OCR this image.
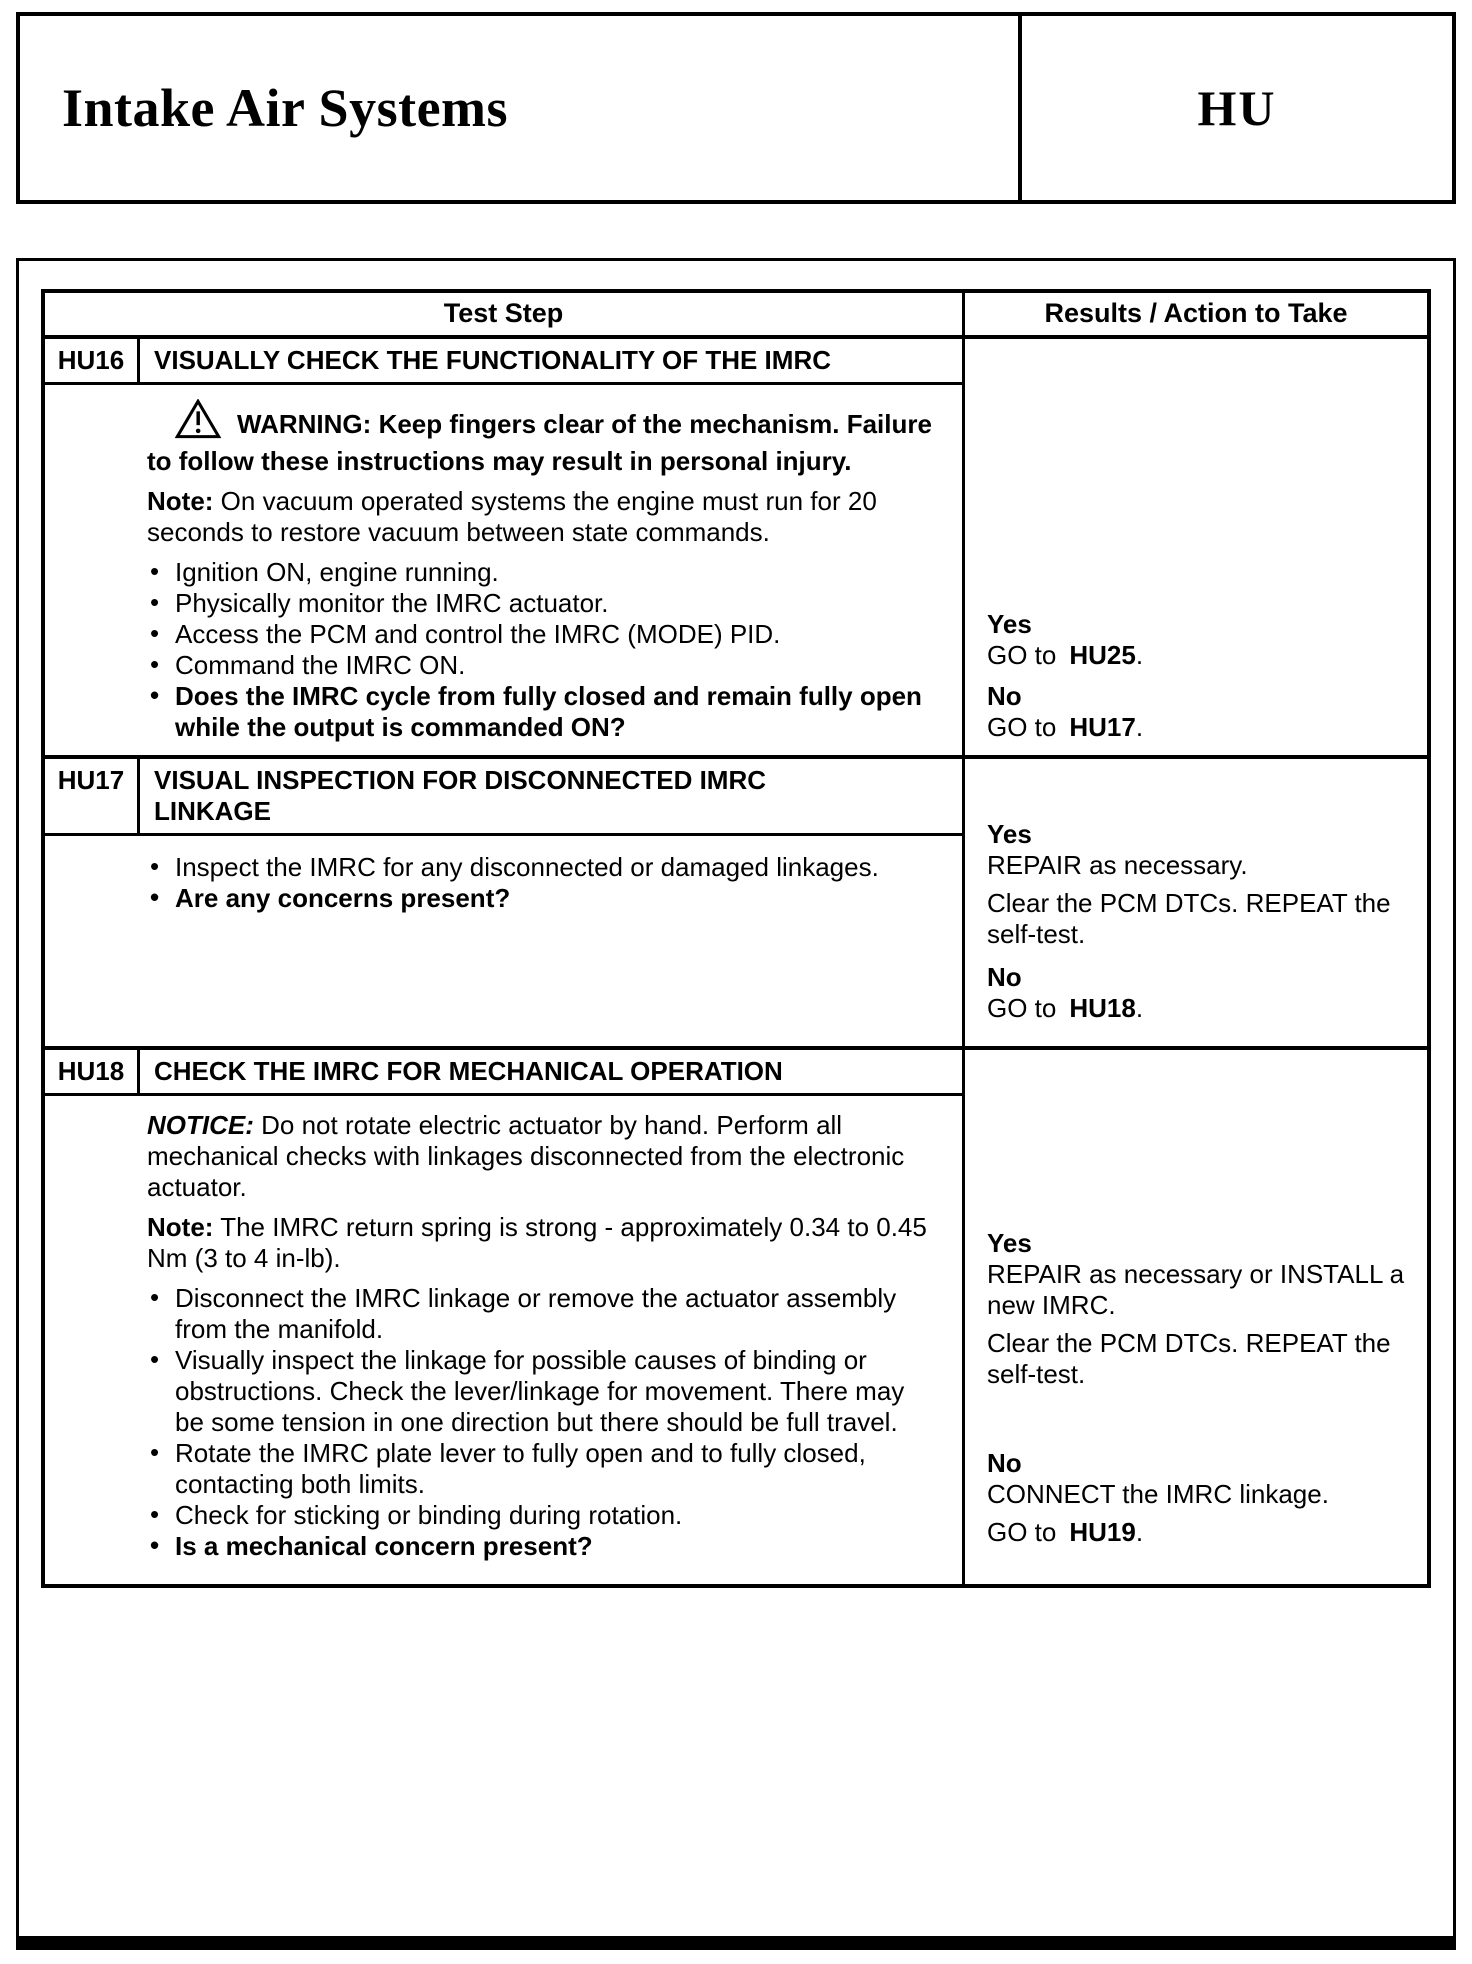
Intake Air Systems	HU
Test Step	Results / Action to Take
HU16	VISUALLY CHECK THE FUNCTIONALITY OF THE IMRC

WARNING: Keep fingers clear of the mechanism. Failure to follow these instructions may result in personal injury.

Note: On vacuum operated systems the engine must run for 20 seconds to restore vacuum between state commands.

• Ignition ON, engine running.
• Physically monitor the IMRC actuator.
• Access the PCM and control the IMRC (MODE) PID.
• Command the IMRC ON.
• Does the IMRC cycle from fully closed and remain fully open while the output is commanded ON?
Yes
GO to HU25.
No
GO to HU17.
HU17	VISUAL INSPECTION FOR DISCONNECTED IMRC LINKAGE
• Inspect the IMRC for any disconnected or damaged linkages.
• Are any concerns present?
Yes
REPAIR as necessary.
Clear the PCM DTCs. REPEAT the self-test.
No
GO to HU18.
HU18	CHECK THE IMRC FOR MECHANICAL OPERATION

NOTICE: Do not rotate electric actuator by hand. Perform all mechanical checks with linkages disconnected from the electronic actuator.

Note: The IMRC return spring is strong - approximately 0.34 to 0.45 Nm (3 to 4 in-lb).

• Disconnect the IMRC linkage or remove the actuator assembly from the manifold.
• Visually inspect the linkage for possible causes of binding or obstructions. Check the lever/linkage for movement. There may be some tension in one direction but there should be full travel.
• Rotate the IMRC plate lever to fully open and to fully closed, contacting both limits.
• Check for sticking or binding during rotation.
• Is a mechanical concern present?
Yes
REPAIR as necessary or INSTALL a new IMRC.
Clear the PCM DTCs. REPEAT the self-test.
No
CONNECT the IMRC linkage.
GO to HU19.
